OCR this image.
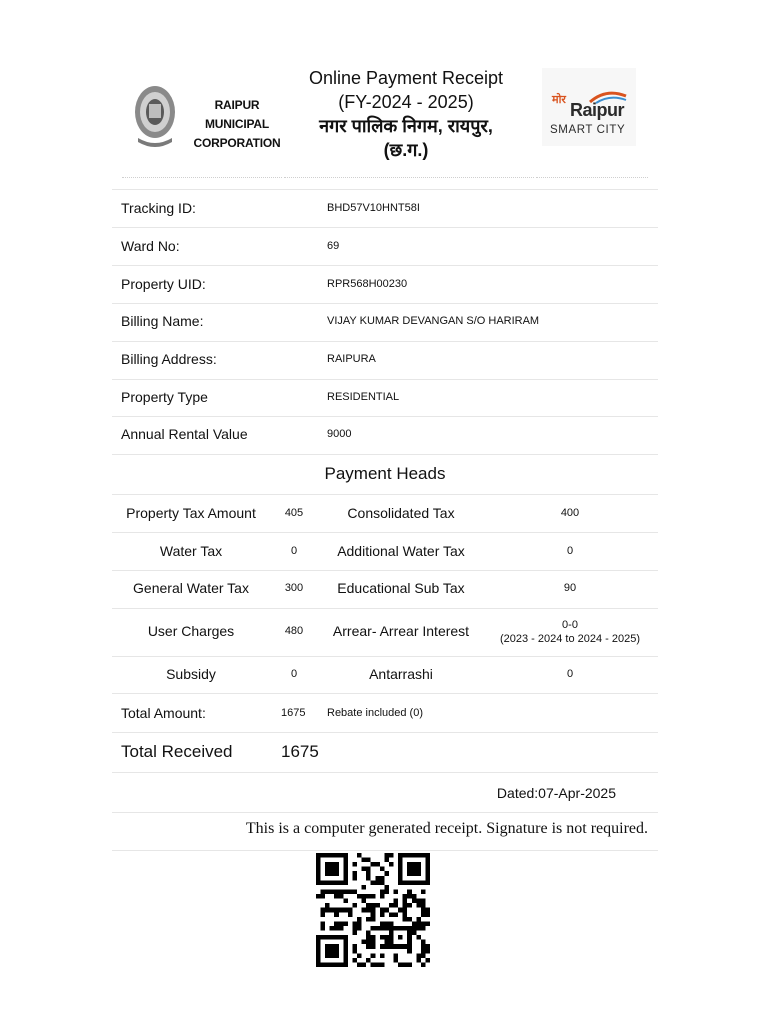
RAIPUR MUNICIPAL
CORPORATION
Online Payment Receipt
(FY-2024 - 2025)
नगर पालिक निगम, रायपुर,
(छ.ग.)
मोर Raipur
SMART CITY
Tracking ID:	BHD57V10HNT58I
Ward No:	69
Property UID:	RPR568H00230
Billing Name:	VIJAY KUMAR DEVANGAN S/O HARIRAM
Billing Address:	RAIPURA
Property Type	RESIDENTIAL
Annual Rental Value	9000
Payment Heads
Property Tax Amount	405	Consolidated Tax	400
Water Tax	0	Additional Water Tax	0
General Water Tax	300	Educational Sub Tax	90
User Charges	480	Arrear- Arrear Interest	0-0
(2023 - 2024 to 2024 - 2025)
Subsidy	0	Antarrashi	0
Total Amount:	1675	Rebate included (0)
Total Received	1675
Dated:07-Apr-2025
This is a computer generated receipt. Signature is not required.
